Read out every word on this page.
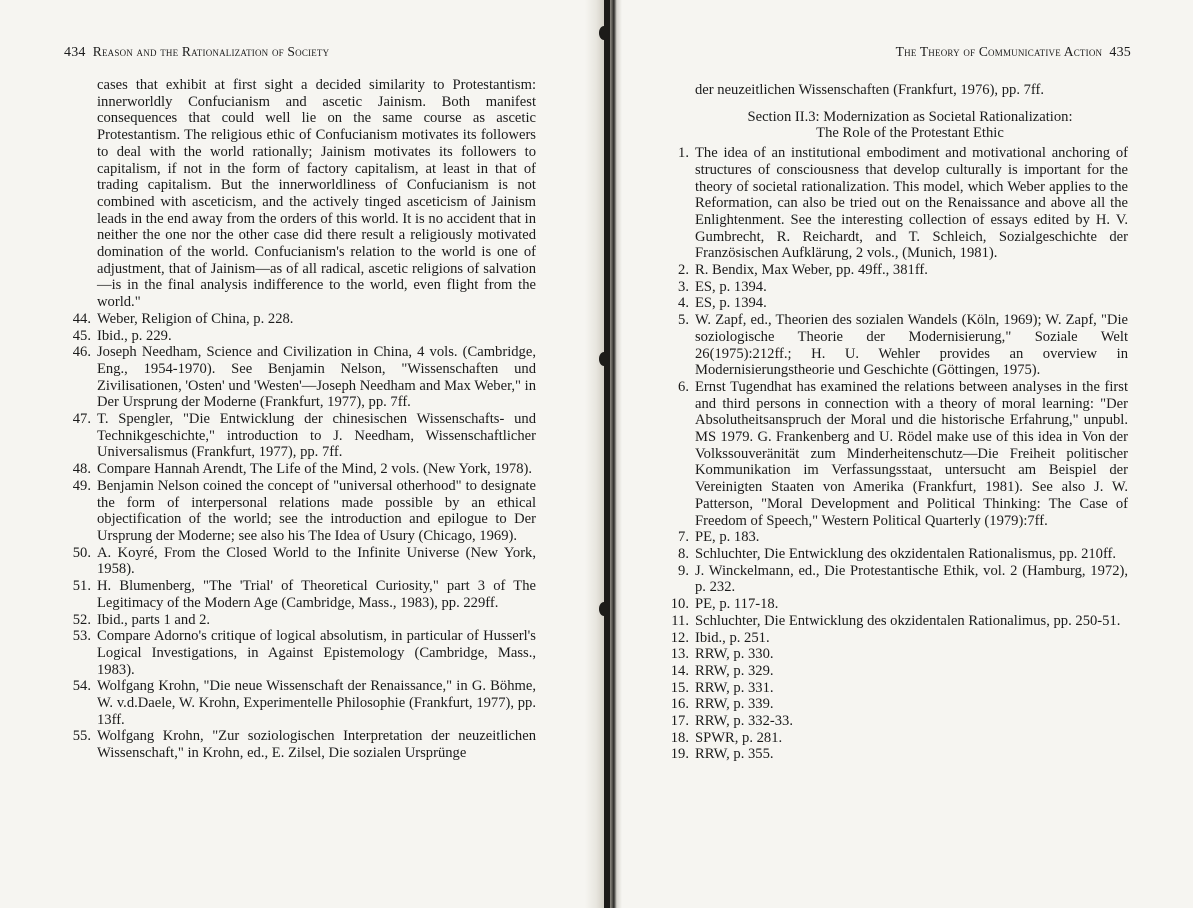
434 Reason and the Rationalization of Society

cases that exhibit at first sight a decided similarity to Protestantism: innerworldly Confucianism and ascetic Jainism. Both manifest consequences that could well lie on the same course as ascetic Protestantism. The religious ethic of Confucianism motivates its followers to deal with the world rationally; Jainism motivates its followers to capitalism, if not in the form of factory capitalism, at least in that of trading capitalism. But the innerworldliness of Confucianism is not combined with asceticism, and the actively tinged asceticism of Jainism leads in the end away from the orders of this world. It is no accident that in neither the one nor the other case did there result a religiously motivated domination of the world. Confucianism's relation to the world is one of adjustment, that of Jainism—as of all radical, ascetic religions of salvation—is in the final analysis indifference to the world, even flight from the world."

44. Weber, Religion of China, p. 228.
45. Ibid., p. 229.
46. Joseph Needham, Science and Civilization in China, 4 vols. (Cambridge, Eng., 1954-1970). See Benjamin Nelson, "Wissenschaften und Zivilisationen, 'Osten' und 'Westen'—Joseph Needham and Max Weber," in Der Ursprung der Moderne (Frankfurt, 1977), pp. 7ff.
47. T. Spengler, "Die Entwicklung der chinesischen Wissenschafts- und Technikgeschichte," introduction to J. Needham, Wissenschaftlicher Universalismus (Frankfurt, 1977), pp. 7ff.
48. Compare Hannah Arendt, The Life of the Mind, 2 vols. (New York, 1978).
49. Benjamin Nelson coined the concept of "universal otherhood" to designate the form of interpersonal relations made possible by an ethical objectification of the world; see the introduction and epilogue to Der Ursprung der Moderne; see also his The Idea of Usury (Chicago, 1969).
50. A. Koyré, From the Closed World to the Infinite Universe (New York, 1958).
51. H. Blumenberg, "The 'Trial' of Theoretical Curiosity," part 3 of The Legitimacy of the Modern Age (Cambridge, Mass., 1983), pp. 229ff.
52. Ibid., parts 1 and 2.
53. Compare Adorno's critique of logical absolutism, in particular of Husserl's Logical Investigations, in Against Epistemology (Cambridge, Mass., 1983).
54. Wolfgang Krohn, "Die neue Wissenschaft der Renaissance," in G. Böhme, W. v.d.Daele, W. Krohn, Experimentelle Philosophie (Frankfurt, 1977), pp. 13ff.
55. Wolfgang Krohn, "Zur soziologischen Interpretation der neuzeitlichen Wissenschaft," in Krohn, ed., E. Zilsel, Die sozialen Ursprünge
The Theory of Communicative Action 435

der neuzeitlichen Wissenschaften (Frankfurt, 1976), pp. 7ff.

Section II.3: Modernization as Societal Rationalization:

The Role of the Protestant Ethic

1. The idea of an institutional embodiment and motivational anchoring of structures of consciousness that develop culturally is important for the theory of societal rationalization. This model, which Weber applies to the Reformation, can also be tried out on the Renaissance and above all the Enlightenment. See the interesting collection of essays edited by H. V. Gumbrecht, R. Reichardt, and T. Schleich, Sozialgeschichte der Französischen Aufklärung, 2 vols., (Munich, 1981).
2. R. Bendix, Max Weber, pp. 49ff., 381ff.
3. ES, p. 1394.
4. ES, p. 1394.
5. W. Zapf, ed., Theorien des sozialen Wandels (Köln, 1969); W. Zapf, "Die soziologische Theorie der Modernisierung," Soziale Welt 26(1975):212ff.; H. U. Wehler provides an overview in Modernisierungstheorie und Geschichte (Göttingen, 1975).
6. Ernst Tugendhat has examined the relations between analyses in the first and third persons in connection with a theory of moral learning: "Der Absolutheitsanspruch der Moral und die historische Erfahrung," unpubl. MS 1979. G. Frankenberg and U. Rödel make use of this idea in Von der Volkssouveränität zum Minderheitenschutz—Die Freiheit politischer Kommunikation im Verfassungsstaat, untersucht am Beispiel der Vereinigten Staaten von Amerika (Frankfurt, 1981). See also J. W. Patterson, "Moral Development and Political Thinking: The Case of Freedom of Speech," Western Political Quarterly (1979):7ff.
7. PE, p. 183.
8. Schluchter, Die Entwicklung des okzidentalen Rationalismus, pp. 210ff.
9. J. Winckelmann, ed., Die Protestantische Ethik, vol. 2 (Hamburg, 1972), p. 232.
10. PE, p. 117-18.
11. Schluchter, Die Entwicklung des okzidentalen Rationalimus, pp. 250-51.
12. Ibid., p. 251.
13. RRW, p. 330.
14. RRW, p. 329.
15. RRW, p. 331.
16. RRW, p. 339.
17. RRW, p. 332-33.
18. SPWR, p. 281.
19. RRW, p. 355.
